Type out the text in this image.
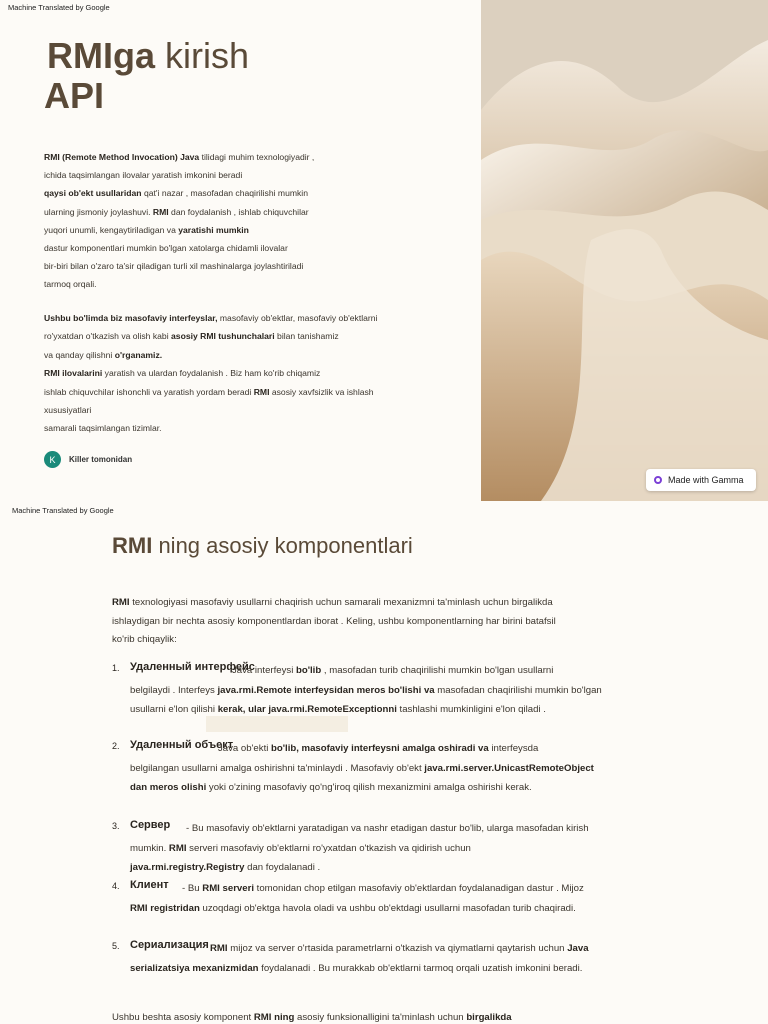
Machine Translated by Google
RMIga kirish
API
RMI (Remote Method Invocation) Java tilidagi muhim texnologiyadir ,
ichida taqsimlangan ilovalar yaratish imkonini beradi
qaysi ob'ekt usullaridan qat'i nazar , masofadan chaqirilishi mumkin
ularning jismoniy joylashuvi. RMI dan foydalanish , ishlab chiquvchilar
yuqori unumli, kengaytiriladigan va yaratishi mumkin
dastur komponentlari mumkin bo'lgan xatolarga chidamli ilovalar
bir-biri bilan o'zaro ta'sir qiladigan turli xil mashinalarga joylashtiriladi
tarmoq orqali.
Ushbu bo'limda biz masofaviy interfeyslar, masofaviy ob'ektlar, masofaviy ob'ektlarni
ro'yxatdan o'tkazish va olish kabi asosiy RMI tushunchalari bilan tanishamiz
va qanday qilishni o'rganamiz.
RMI ilovalarini yaratish va ulardan foydalanish . Biz ham ko'rib chiqamiz
ishlab chiquvchilar ishonchli va yaratish yordam beradi RMI asosiy xavfsizlik va ishlash
xususiyatlari
samarali taqsimlangan tizimlar.
K	Killer tomonidan
Made with Gamma
Machine Translated by Google
RMI ning asosiy komponentlari
RMI texnologiyasi masofaviy usullarni chaqirish uchun samarali mexanizmni ta'minlash uchun birgalikda
ishlaydigan bir nechta asosiy komponentlardan iborat . Keling, ushbu komponentlarning har birini batafsil
ko'rib chiqaylik:
1. Удаленный интерфейс
2. Удаленный объект
3. Сервер
4. Клиент
5. Сериализация
Java interfeysi bo'lib , masofadan turib chaqirilishi mumkin bo'lgan usullarni
belgilaydi . Interfeys java.rmi.Remote interfeysidan meros bo'lishi va masofadan chaqirilishi mumkin bo'lgan
usullarni e'lon qilishi kerak, ular java.rmi.RemoteExceptionni tashlashi mumkinligini e'lon qiladi .
Java ob'ekti bo'lib, masofaviy interfeysni amalga oshiradi va interfeysda
belgilangan usullarni amalga oshirishni ta'minlaydi . Masofaviy ob'ekt java.rmi.server.UnicastRemoteObject
dan meros olishi yoki o'zining masofaviy qo'ng'iroq qilish mexanizmini amalga oshirishi kerak.
- Bu masofaviy ob'ektlarni yaratadigan va nashr etadigan dastur bo'lib, ularga masofadan kirish
mumkin. RMI serveri masofaviy ob'ektlarni ro'yxatdan o'tkazish va qidirish uchun
java.rmi.registry.Registry dan foydalanadi .
- Bu RMI serveri tomonidan chop etilgan masofaviy ob'ektlardan foydalanadigan dastur . Mijoz
RMI registridan uzoqdagi ob'ektga havola oladi va ushbu ob'ektdagi usullarni masofadan turib chaqiradi.
RMI mijoz va server o'rtasida parametrlarni o'tkazish va qiymatlarni qaytarish uchun Java
serializatsiya mexanizmidan foydalanadi . Bu murakkab ob'ektlarni tarmoq orqali uzatish imkonini beradi.
Ushbu beshta asosiy komponent RMI ning asosiy funksionalligini ta'minlash uchun birgalikda
